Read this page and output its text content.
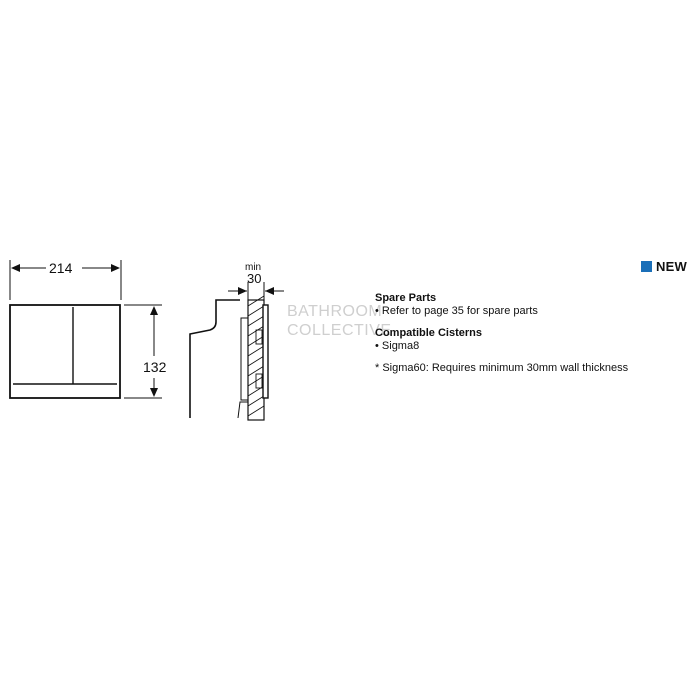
214
132
min
30
BATHROOM
COLLECTIVE
NEW
Spare Parts
• Refer to page 35 for spare parts
Compatible Cisterns
• Sigma8
* Sigma60: Requires minimum 30mm wall thickness
